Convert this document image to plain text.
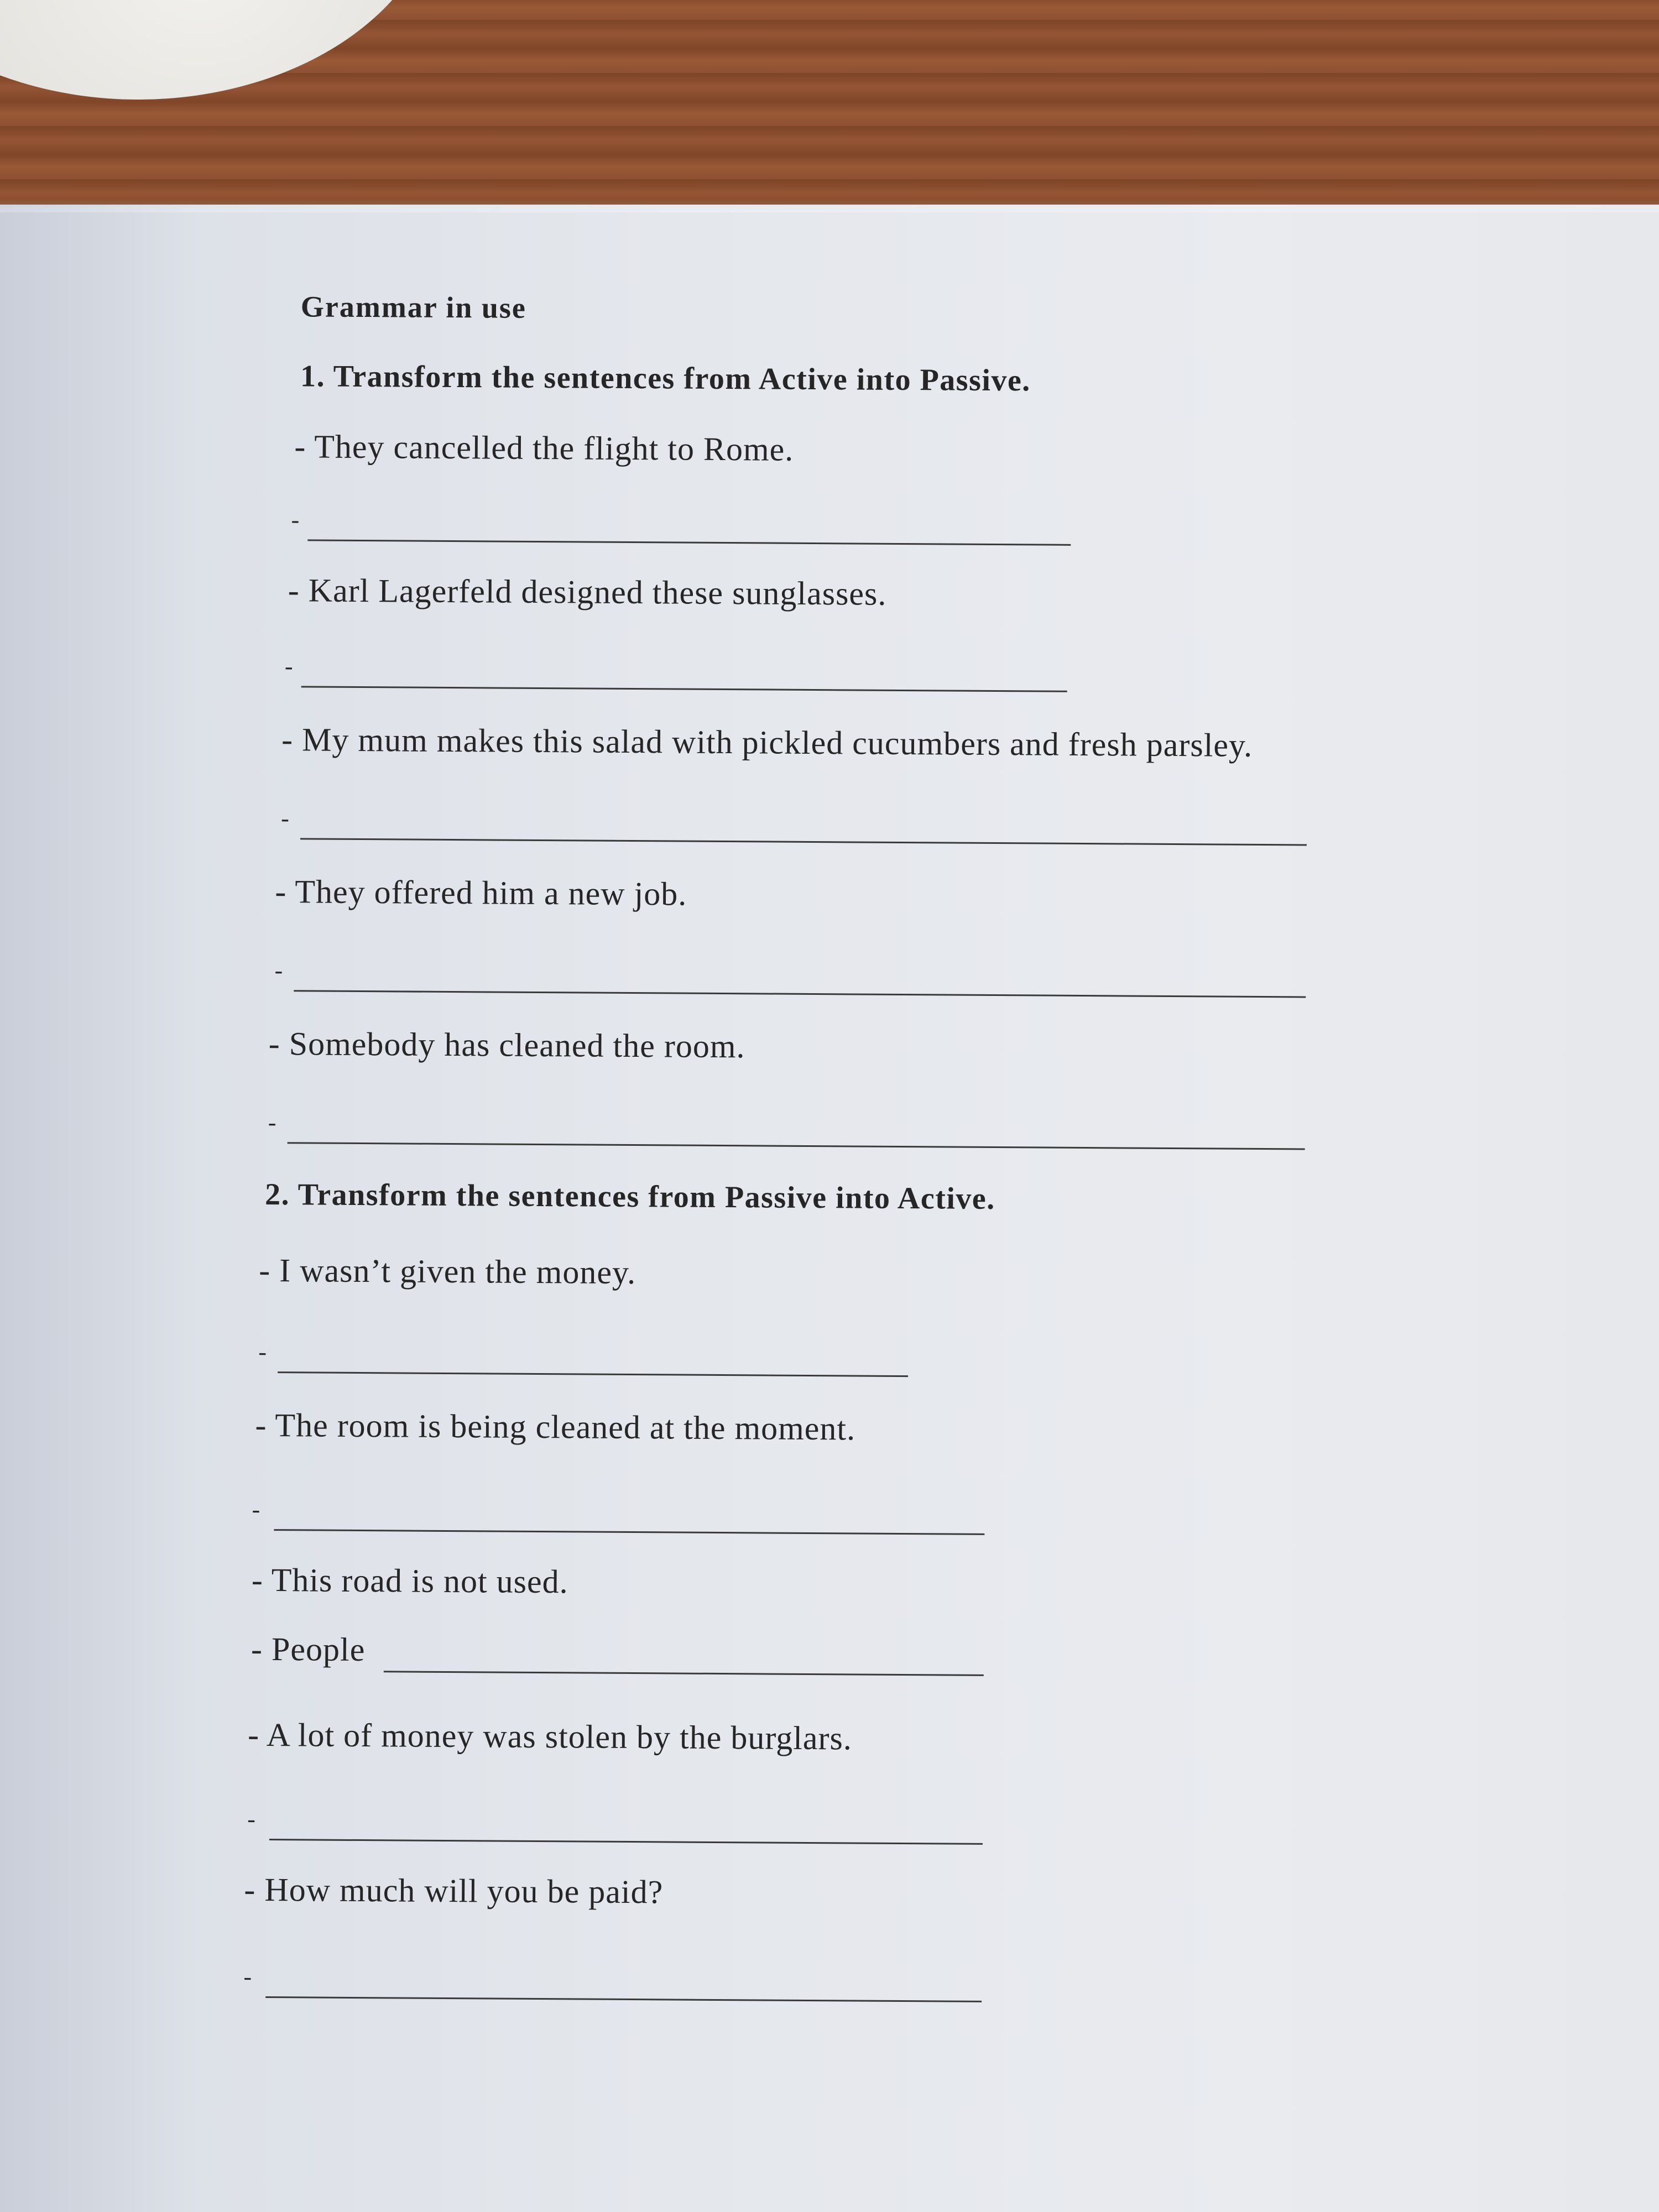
Grammar in use
1. Transform the sentences from Active into Passive.
- They cancelled the flight to Rome.
-
- Karl Lagerfeld designed these sunglasses.
-
- My mum makes this salad with pickled cucumbers and fresh parsley.
-
- They offered him a new job.
-
- Somebody has cleaned the room.
-
2. Transform the sentences from Passive into Active.
- I wasn’t given the money.
-
- The room is being cleaned at the moment.
-
- This road is not used.
- People
- A lot of money was stolen by the burglars.
-
- How much will you be paid?
-
